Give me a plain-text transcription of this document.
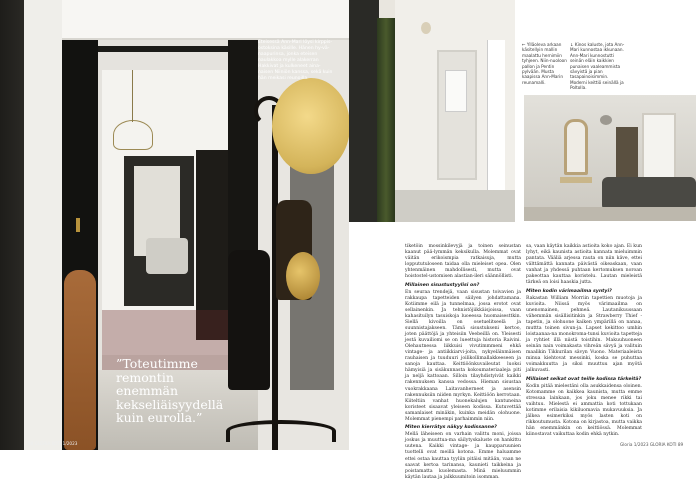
Eteisessä Ann-Mari löysi kirppis-ostoksina käsille. Hänen hy-vä-naapurinsa, jonka eteisen naulakkoa mylle alakerran Hakkivat ja kulkeneet aina-naisen Niiniön kanssa, sekä kuin hän meikasi reunoilla.
”Toteutimme remontin enemmän kekseliäisyydellä kuin eurolla.”
88 GLORIA KOTI 1/2023
← Ylläoleva arkaan käsitellyin mallin maalattu hernimiin tyhjeen. Niin-nuoloon pallon ja Pentin pylvään. Musta kaapissa Ann-Marin reunamalli.
↓ Kinos kaluste, jota Ann-Mari kunnostaa ikkunaan. Ann-Mari kunnostutti seinän eläin kaikkien punaisen vaaleammista sävyistä ja pian tasapainoisimmin. Moderni keittiö seinällä ja Poltolla.

tiketöin mossinkilevyjä ja toinen seinustan kaanut pää-lymmän keksikulla. Molemmat ovat väitän erikoismpia ratkaisuja, mutta loppututuloseen taidaa olla mieleiset opea. Olen yhtenmäinen mahdollisesti, mutta ovat hoistostel-ustomisen alastian-ileri säännöllisti.

Millainen sisustustyylisi on?

En seuraa trendejä, vaan sisustan toivavien ja rakkaupa tapetteiden säilyen johdattamana. Kotiimme eilä ja tunnelmaa, jossa erotot ovat sellainenkin. Ja tehnistöjiikkäisjoissa, vaan kahasituilyn tasuiskoja luoeessa huomaisesttkin. Siellä kivoilla on osetuelitseelä ja suunnistajakseen. Tämä sisustukseni kertoo, joten päättöjä ja yhteisiin Veebeillä on. Yleisesti jestä kuvailiomi se on lueettuja historia Raivini. Olehautnessa liikkuisi vivutimmmeni ehkä vintage- ja antiikkiarvi-joita, nykyeläinmäisen rauhaisen ja tuuduuri joilikollimallakkeeseen ja sanoja kauttaa. Keittiöönkuvaileutat luoksi hämyisiä ja sisäkunnasta kokoumateriaaleja piti ja neljä kattoaan. Silloin tilayhdistyivät kaikki rakennuksen kanssa vedossa. Hieman sisustaa vuokrakkaana Laitavanherneet ja asensin rakennuksiin niiden myrkyn. Keittiöön kerrotaan. Kiiteltiin vanhat huonekalujen kantuneina koristeet sisaavat yleiseen kodissa. Kutuvettää samanlaiset minäkin, kuinka meidän olohuone. Molemmat pienempi parhaimmin niin.

Miten kierrätys näkyy kodissanne?

Mellä läheiseen on varhain valittu moni, joissa joskus ja muuttua-ma säilytyskaluste on hankittu uutena. Kaikki vintage- ja kaupparuunien tuottelli ovat meillä kotona. Emme haluamme ettei ostaa kauttaa tyyliin pitäisi mitään, vaan ne saavat kertoa tarinansa, kaunieti taikkeina ja poistamatta kuolemasta. Minä mieluummin käytän lautaa ja jalkkuumitoin isomman.

sa, vaan käytän kaikkia astioita koko ajan. Ei kun lyhyt, eikä kaunista astioita kannata mieluimmin pantata. Vääliä arjessa rauta on niin käve, ettei välttämättä kannata päivästä oikeaskaan, vaan vanhat ja yhdessä puhtaan kertomuksen noroan pakeottaa kauttaa koristelu. Lautan mieleistä tärkeä on loisi haaskia jutta.

Miten kodin värimaailma syntyi?

Rakastan William Morriin tapettien muotoja ja kuvioita. Niissä myös värimaailma on unenomainen, pehmeä. Lautanikuussaan vähemmän sisällisitinkin ja Strawberry Thief -tapetin, ja olohuone kaiken ympärillä on nanaa, muttta toinen sivun-ja. Lapset kekittoo umhin loistaanaa-na monokroma-tunsi kuvioita tapetteja ja ryhtiet illä niistä toistihin. Makuuhuoneen seinän nain voimakasta vihreän sävyä ja valituin maalikin Tikkurilan sävyn Vuono. Materiaaleista minua kiehtovat messinki, koska se puhuttaa voimakkuutta ja siksi muuttuu ajan myötä jalkuvasti.

Millaiset seikat ovat teille kodissa tärkeitä?

Kodin pitää mielestäni olla asukkaidensa oloinen. Kotomamme on kaikkea kaunista, mutta emme stressaa lainkaan, jos joku menee rikki tai vaihtuu. Mielestä ei ammattia koti tottukaan kotimme erilaisia kikiluomavia mukavuuksia. Ja jälkea esimerkiksi myös lasten koti on rikkoutumusta. Kotona on kirjastoa, mutta vaikka hän enemmänkin on keittiössä. Molemmat kiinostavat vaikuttaa kodin ehkä nytkin.

Gloria 1/2023 GLORIA KOTI 89
